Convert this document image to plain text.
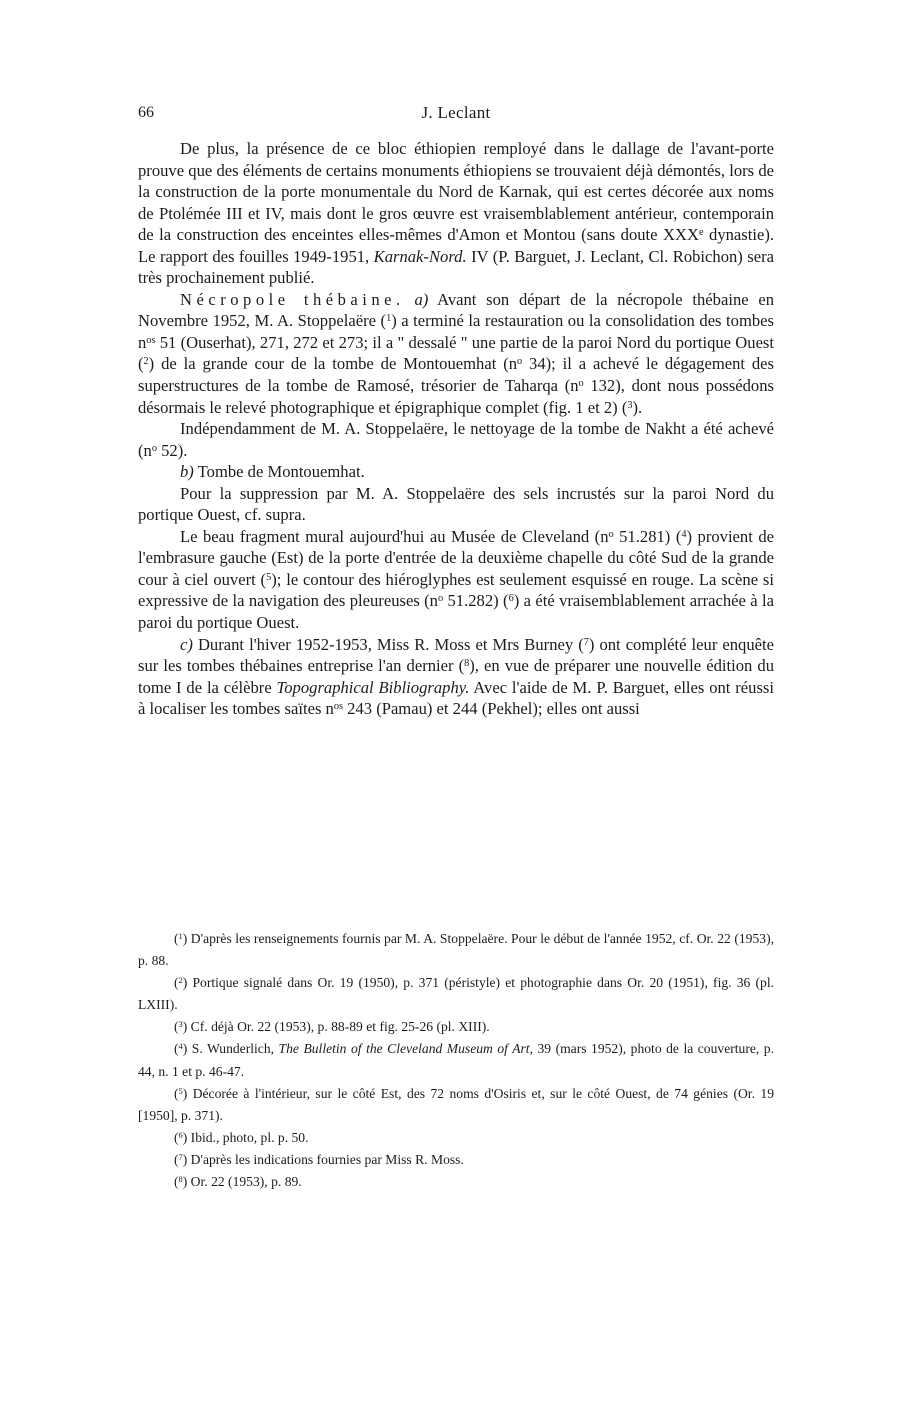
66	J. Leclant

De plus, la présence de ce bloc éthiopien remployé dans le dallage de l'avant-porte prouve que des éléments de certains monuments éthiopiens se trouvaient déjà démontés, lors de la construction de la porte monumentale du Nord de Karnak, qui est certes décorée aux noms de Ptolémée III et IV, mais dont le gros œuvre est vraisemblablement antérieur, contemporain de la construction des enceintes elles-mêmes d'Amon et Montou (sans doute XXXe dynastie). Le rapport des fouilles 1949-1951, Karnak-Nord. IV (P. Barguet, J. Leclant, Cl. Robichon) sera très prochainement publié.

Nécropole thébaine. a) Avant son départ de la nécropole thébaine en Novembre 1952, M. A. Stoppelaëre ($^1$) a terminé la restauration ou la consolidation des tombes $n^{os}$ 51 (Ouserhat), 271, 272 et 273; il a " dessalé " une partie de la paroi Nord du portique Ouest ($^2$) de la grande cour de la tombe de Montouemhat ($n^o$ 34); il a achevé le dégagement des superstructures de la tombe de Ramosé, trésorier de Taharqa ($n^o$ 132), dont nous possédons désormais le relevé photographique et épigraphique complet (fig. 1 et 2) ($^3$).

Indépendamment de M. A. Stoppelaëre, le nettoyage de la tombe de Nakht a été achevé ($n^o$ 52).

b) Tombe de Montouemhat.

Pour la suppression par M. A. Stoppelaëre des sels incrustés sur la paroi Nord du portique Ouest, cf. supra.

Le beau fragment mural aujourd'hui au Musée de Cleveland ($n^o$ 51.281) ($^4$) provient de l'embrasure gauche (Est) de la porte d'entrée de la deuxième chapelle du côté Sud de la grande cour à ciel ouvert ($^5$); le contour des hiéroglyphes est seulement esquissé en rouge. La scène si expressive de la navigation des pleureuses ($n^o$ 51.282) ($^6$) a été vraisemblablement arrachée à la paroi du portique Ouest.

c) Durant l'hiver 1952-1953, Miss R. Moss et Mrs Burney ($^7$) ont complété leur enquête sur les tombes thébaines entreprise l'an dernier ($^8$), en vue de préparer une nouvelle édition du tome I de la célèbre Topographical Bibliography. Avec l'aide de M. P. Barguet, elles ont réussi à localiser les tombes saïtes $n^{os}$ 243 (Pamau) et 244 (Pekhel); elles ont aussi

($^1$) D'après les renseignements fournis par M. A. Stoppelaëre. Pour le début de l'année 1952, cf. Or. 22 (1953), p. 88.

($^2$) Portique signalé dans Or. 19 (1950), p. 371 (péristyle) et photographie dans Or. 20 (1951), fig. 36 (pl. LXIII).

($^3$) Cf. déjà Or. 22 (1953), p. 88-89 et fig. 25-26 (pl. XIII).

($^4$) S. Wunderlich, The Bulletin of the Cleveland Museum of Art, 39 (mars 1952), photo de la couverture, p. 44, n. 1 et p. 46-47.

($^5$) Décorée à l'intérieur, sur le côté Est, des 72 noms d'Osiris et, sur le côté Ouest, de 74 génies (Or. 19 [1950], p. 371).

($^6$) Ibid., photo, pl. p. 50.

($^7$) D'après les indications fournies par Miss R. Moss.

($^8$) Or. 22 (1953), p. 89.
